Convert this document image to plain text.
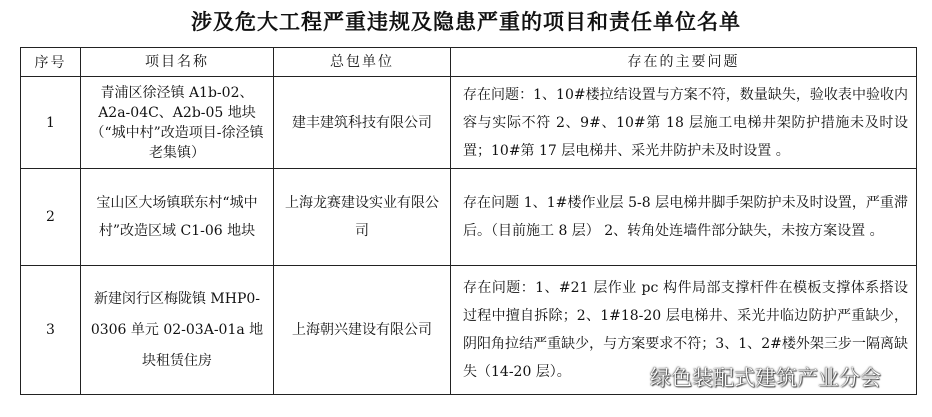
涉及危大工程严重违规及隐患严重的项目和责任单位名单
序号	项目名称	总包单位	存在的主要问题
1	青浦区徐泾镇 A1b-02、A2a-04C、A2b-05 地块（“城中村”改造项目-徐泾镇老集镇）	建丰建筑科技有限公司	存在问题：1、10#楼拉结设置与方案不符，数量缺失，验收表中验收内容与实际不符 2、9#、10#第 18 层施工电梯井架防护措施未及时设置；10#第 17 层电梯井、采光井防护未及时设置 。

2	宝山区大场镇联东村“城中村”改造区域 C1-06 地块	上海龙赛建设实业有限公司	存在问题 1、1#楼作业层 5-8 层电梯井脚手架防护未及时设置，严重滞后。（目前施工 8 层） 2、转角处连墙件部分缺失，未按方案设置 。

3	新建闵行区梅陇镇 MHP0-0306 单元 02-03A-01a 地块租赁住房	上海朝兴建设有限公司	存在问题：1、#21 层作业 pc 构件局部支撑杆件在模板支撑体系搭设过程中擅自拆除；2、1#18-20 层电梯井、采光井临边防护严重缺少，阴阳角拉结严重缺少，与方案要求不符；3、1、2#楼外架三步一隔离缺失（14-20 层）。	绿色装配式建筑产业分会
